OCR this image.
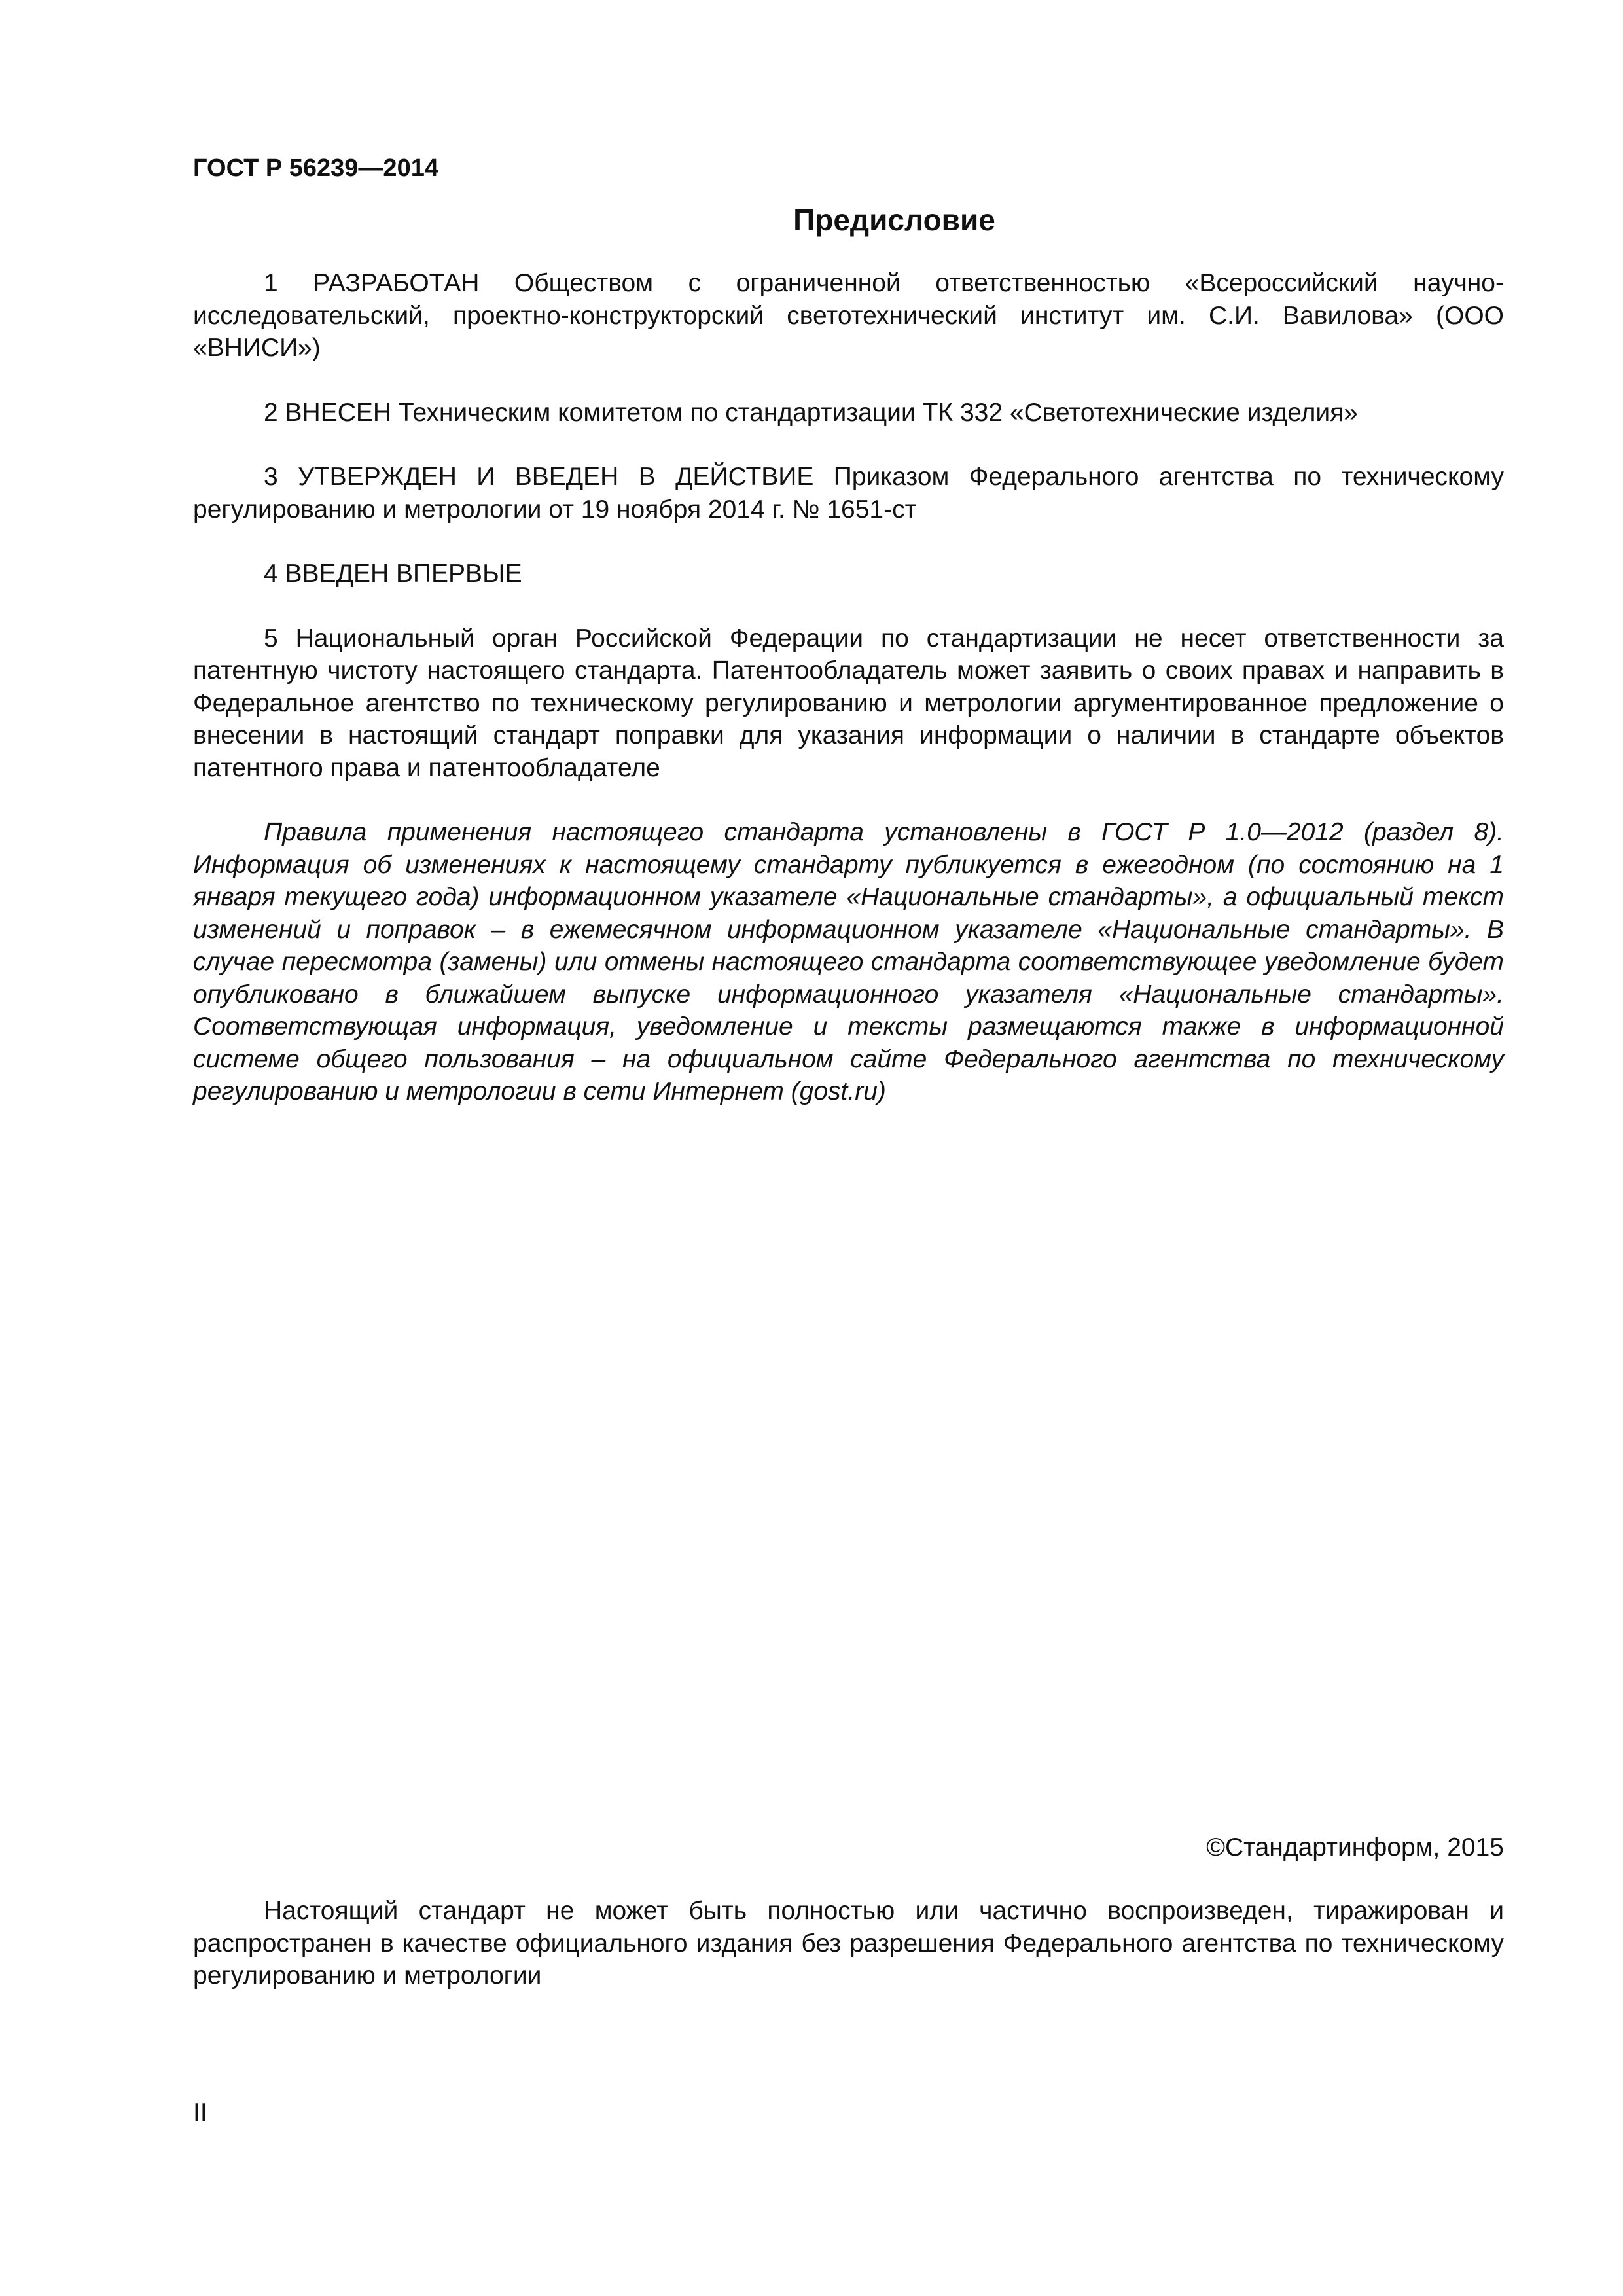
ГОСТ Р 56239—2014
Предисловие

1 РАЗРАБОТАН Обществом с ограниченной ответственностью «Всероссийский научно-исследовательский, проектно-конструкторский светотехнический институт им. С.И. Вавилова» (ООО «ВНИСИ»)

2 ВНЕСЕН Техническим комитетом по стандартизации ТК 332 «Светотехнические изделия»

3 УТВЕРЖДЕН И ВВЕДЕН В ДЕЙСТВИЕ Приказом Федерального агентства по техническому регулированию и метрологии от 19 ноября 2014 г. № 1651-ст

4 ВВЕДЕН ВПЕРВЫЕ

5 Национальный орган Российской Федерации по стандартизации не несет ответственности за патентную чистоту настоящего стандарта. Патентообладатель может заявить о своих правах и направить в Федеральное агентство по техническому регулированию и метрологии аргументированное предложение о внесении в настоящий стандарт поправки для указания информации о наличии в стандарте объектов патентного права и патентообладателе

Правила применения настоящего стандарта установлены в ГОСТ Р 1.0—2012 (раздел 8). Информация об изменениях к настоящему стандарту публикуется в ежегодном (по состоянию на 1 января текущего года) информационном указателе «Национальные стандарты», а официальный текст изменений и поправок – в ежемесячном информационном указателе «Национальные стандарты». В случае пересмотра (замены) или отмены настоящего стандарта соответствующее уведомление будет опубликовано в ближайшем выпуске информационного указателя «Национальные стандарты». Соответствующая информация, уведомление и тексты размещаются также в информационной системе общего пользования – на официальном сайте Федерального агентства по техническому регулированию и метрологии в сети Интернет (gost.ru)

©Стандартинформ, 2015

Настоящий стандарт не может быть полностью или частично воспроизведен, тиражирован и распространен в качестве официального издания без разрешения Федерального агентства по техническому регулированию и метрологии

II
